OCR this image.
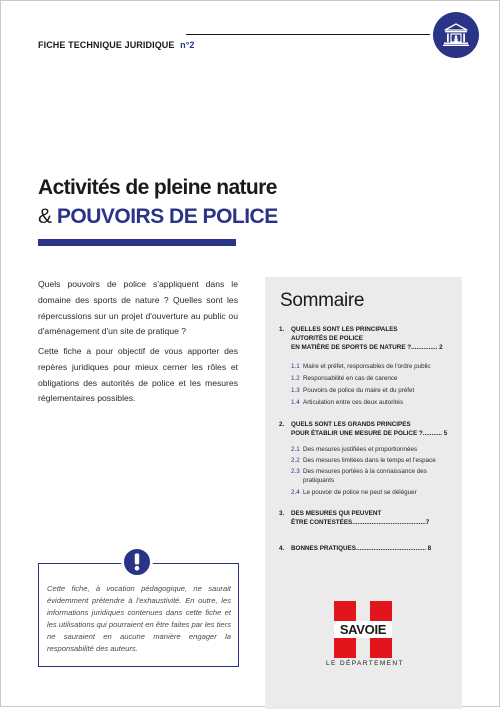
FICHE TECHNIQUE JURIDIQUE n°2
Activités de pleine nature
& POUVOIRS DE POLICE

Quels pouvoirs de police s'appliquent dans le domaine des sports de nature ? Quelles sont les répercussions sur un projet d'ouverture au public ou d'aménagement d'un site de pratique ?

Cette fiche a pour objectif de vous apporter des repères juridiques pour mieux cerner les rôles et obligations des autorités de police et les mesures réglementaires possibles.

Cette fiche, à vocation pédagogique, ne saurait évidemment prétendre à l'exhaustivité. En outre, les informations juridiques contenues dans cette fiche et les utilisations qui pourraient en être faites par les tiers ne sauraient en aucune manière engager la responsabilité des auteurs.

Sommaire
1. QUELLES SONT LES PRINCIPALES
AUTORITÉS DE POLICE
EN MATIÈRE DE SPORTS DE NATURE ?............... 2
1.1 Maire et préfet, responsables de l'ordre public
1.2 Responsabilité en cas de carence
1.3 Pouvoirs de police du maire et du préfet
1.4 Articulation entre ces deux autorités
2. QUELS SONT LES GRANDS PRINCIPES
POUR ÉTABLIR UNE MESURE DE POLICE ?........... 5
2.1 Des mesures justifiées et proportionnées
2.2 Des mesures limitées dans le temps et l'espace
2.3 Des mesures portées à la connaissance des
pratiquants
2.4 Le pouvoir de police ne peut se déléguer
3. DES MESURES QUI PEUVENT
ÊTRE CONTESTÉES..........................................7
4. BONNES PRATIQUES........................................ 8
SAVOIE
LE DÉPARTEMENT
